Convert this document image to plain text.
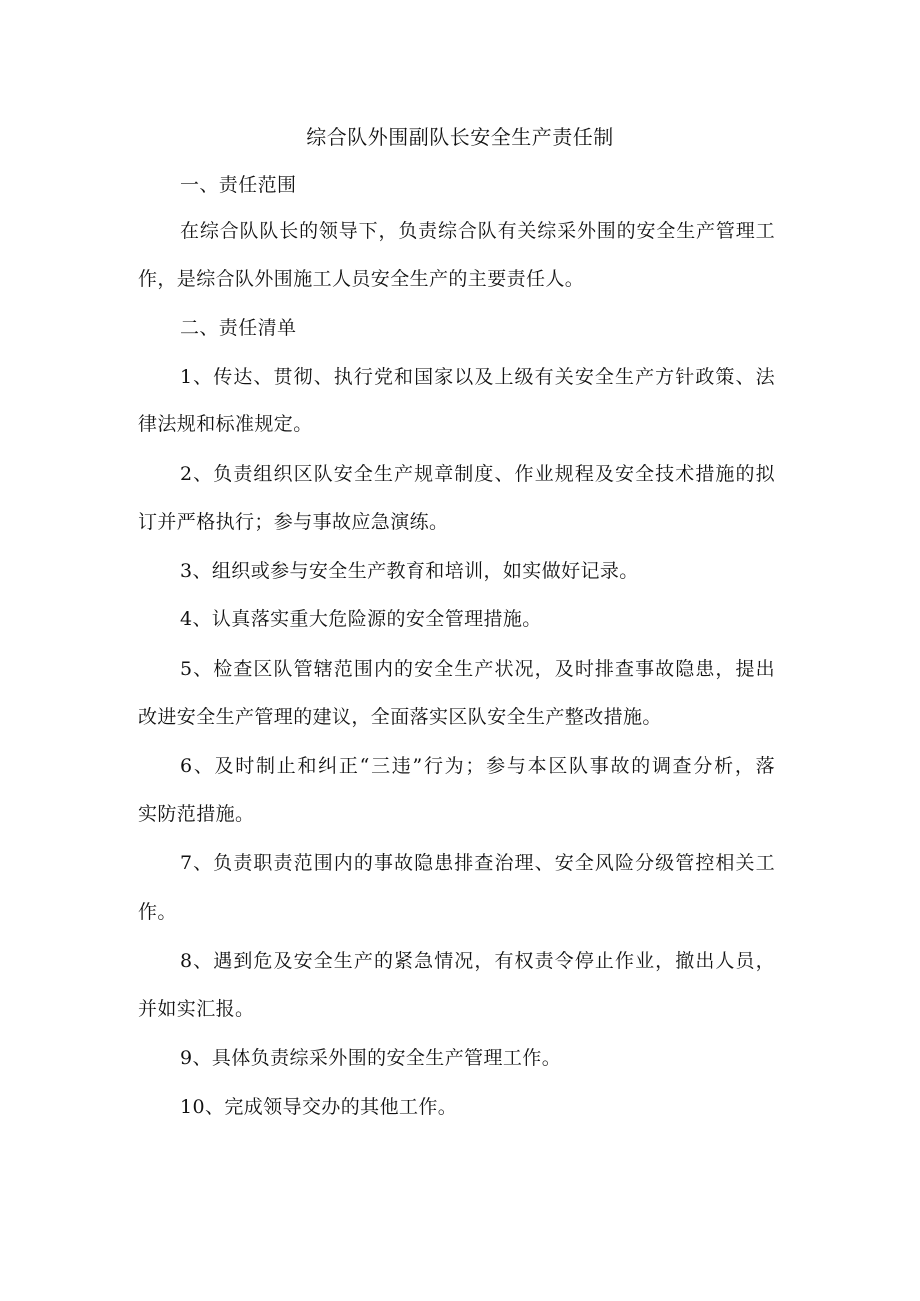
综合队外围副队长安全生产责任制
一、责任范围
在综合队队长的领导下，负责综合队有关综采外围的安全生产管理工
作，是综合队外围施工人员安全生产的主要责任人。
二、责任清单
1、传达、贯彻、执行党和国家以及上级有关安全生产方针政策、法
律法规和标准规定。
2、负责组织区队安全生产规章制度、作业规程及安全技术措施的拟
订并严格执行；参与事故应急演练。
3、组织或参与安全生产教育和培训，如实做好记录。
4、认真落实重大危险源的安全管理措施。
5、检查区队管辖范围内的安全生产状况，及时排查事故隐患，提出
改进安全生产管理的建议，全面落实区队安全生产整改措施。
6、及时制止和纠正“三违”行为；参与本区队事故的调查分析，落
实防范措施。
7、负责职责范围内的事故隐患排查治理、安全风险分级管控相关工
作。
8、遇到危及安全生产的紧急情况，有权责令停止作业，撤出人员，
并如实汇报。
9、具体负责综采外围的安全生产管理工作。
10、完成领导交办的其他工作。
